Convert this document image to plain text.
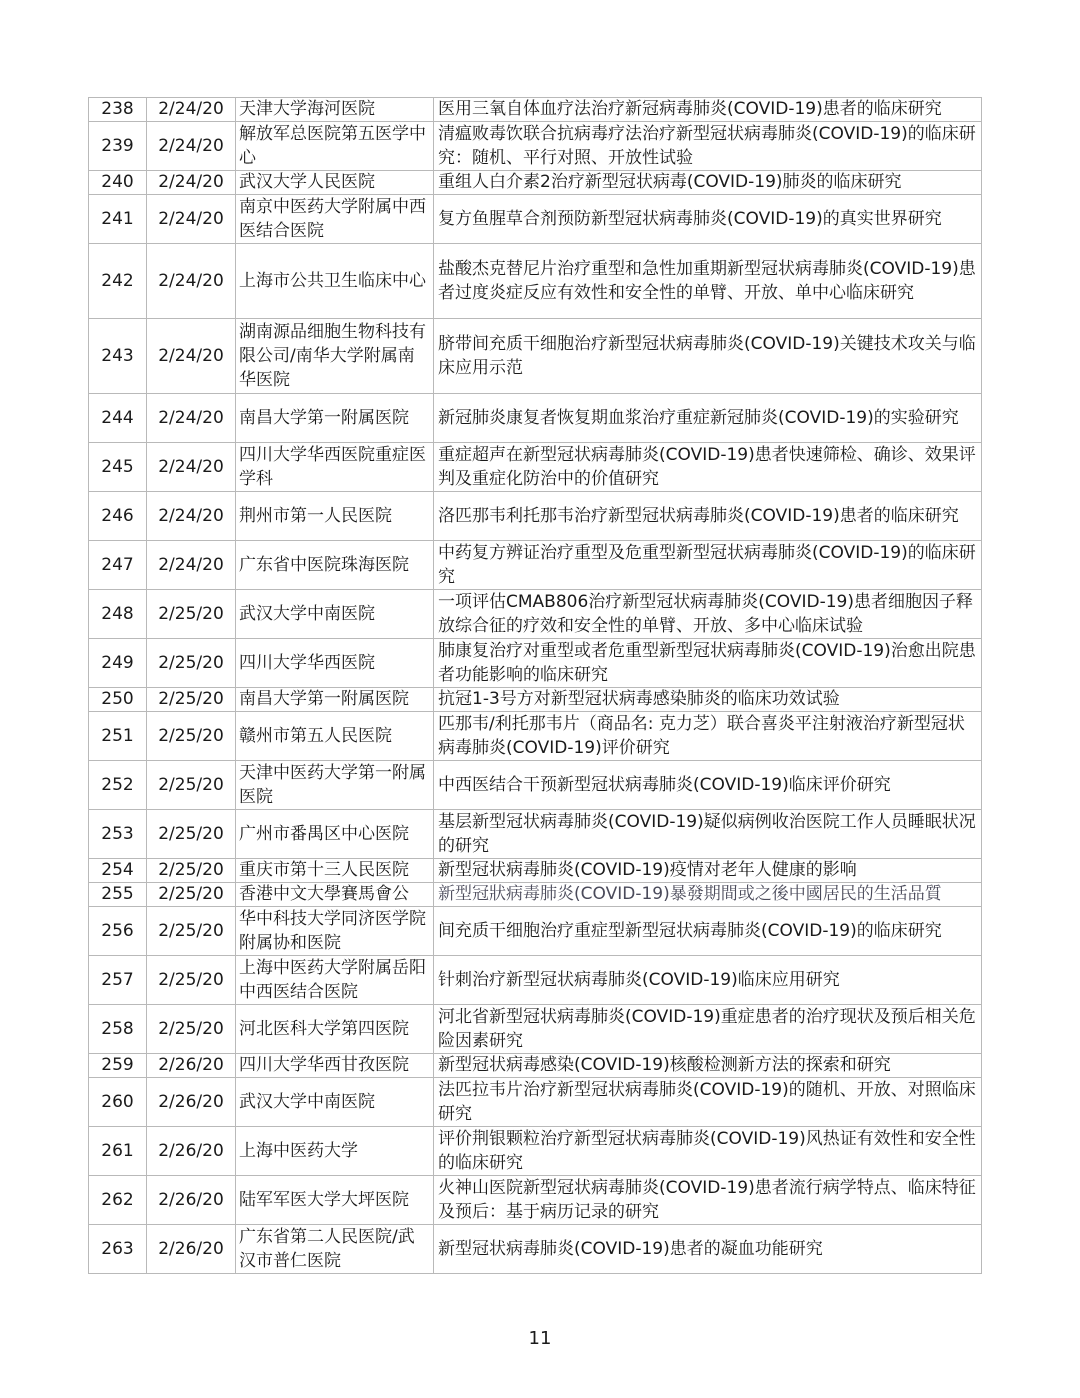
238	2/24/20	天津大学海河医院	医用三氧自体血疗法治疗新冠病毒肺炎(COVID-19)患者的临床研究
239	2/24/20	解放军总医院第五医学中心	清瘟败毒饮联合抗病毒疗法治疗新型冠状病毒肺炎(COVID-19)的临床研究：随机、平行对照、开放性试验
240	2/24/20	武汉大学人民医院	重组人白介素2治疗新型冠状病毒(COVID-19)肺炎的临床研究
241	2/24/20	南京中医药大学附属中西医结合医院	复方鱼腥草合剂预防新型冠状病毒肺炎(COVID-19)的真实世界研究
242	2/24/20	上海市公共卫生临床中心	盐酸杰克替尼片治疗重型和急性加重期新型冠状病毒肺炎(COVID-19)患者过度炎症反应有效性和安全性的单臂、开放、单中心临床研究
243	2/24/20	湖南源品细胞生物科技有限公司/南华大学附属南华医院	脐带间充质干细胞治疗新型冠状病毒肺炎(COVID-19)关键技术攻关与临床应用示范
244	2/24/20	南昌大学第一附属医院	新冠肺炎康复者恢复期血浆治疗重症新冠肺炎(COVID-19)的实验研究
245	2/24/20	四川大学华西医院重症医学科	重症超声在新型冠状病毒肺炎(COVID-19)患者快速筛检、确诊、效果评判及重症化防治中的价值研究
246	2/24/20	荆州市第一人民医院	洛匹那韦利托那韦治疗新型冠状病毒肺炎(COVID-19)患者的临床研究
247	2/24/20	广东省中医院珠海医院	中药复方辨证治疗重型及危重型新型冠状病毒肺炎(COVID-19)的临床研究
248	2/25/20	武汉大学中南医院	一项评估CMAB806治疗新型冠状病毒肺炎(COVID-19)患者细胞因子释放综合征的疗效和安全性的单臂、开放、多中心临床试验
249	2/25/20	四川大学华西医院	肺康复治疗对重型或者危重型新型冠状病毒肺炎(COVID-19)治愈出院患者功能影响的临床研究
250	2/25/20	南昌大学第一附属医院	抗冠1-3号方对新型冠状病毒感染肺炎的临床功效试验
251	2/25/20	赣州市第五人民医院	匹那韦/利托那韦片（商品名: 克力芝）联合喜炎平注射液治疗新型冠状病毒肺炎(COVID-19)评价研究
252	2/25/20	天津中医药大学第一附属医院	中西医结合干预新型冠状病毒肺炎(COVID-19)临床评价研究
253	2/25/20	广州市番禺区中心医院	基层新型冠状病毒肺炎(COVID-19)疑似病例收治医院工作人员睡眠状况的研究
254	2/25/20	重庆市第十三人民医院	新型冠状病毒肺炎(COVID-19)疫情对老年人健康的影响
255	2/25/20	香港中文大學賽馬會公	新型冠狀病毒肺炎(COVID-19)暴發期間或之後中國居民的生活品質
256	2/25/20	华中科技大学同济医学院附属协和医院	间充质干细胞治疗重症型新型冠状病毒肺炎(COVID-19)的临床研究
257	2/25/20	上海中医药大学附属岳阳中西医结合医院	针刺治疗新型冠状病毒肺炎(COVID-19)临床应用研究
258	2/25/20	河北医科大学第四医院	河北省新型冠状病毒肺炎(COVID-19)重症患者的治疗现状及预后相关危险因素研究
259	2/26/20	四川大学华西甘孜医院	新型冠状病毒感染(COVID-19)核酸检测新方法的探索和研究
260	2/26/20	武汉大学中南医院	法匹拉韦片治疗新型冠状病毒肺炎(COVID-19)的随机、开放、对照临床研究
261	2/26/20	上海中医药大学	评价荆银颗粒治疗新型冠状病毒肺炎(COVID-19)风热证有效性和安全性的临床研究
262	2/26/20	陆军军医大学大坪医院	火神山医院新型冠状病毒肺炎(COVID-19)患者流行病学特点、临床特征及预后：基于病历记录的研究
263	2/26/20	广东省第二人民医院/武汉市普仁医院	新型冠状病毒肺炎(COVID-19)患者的凝血功能研究
11
